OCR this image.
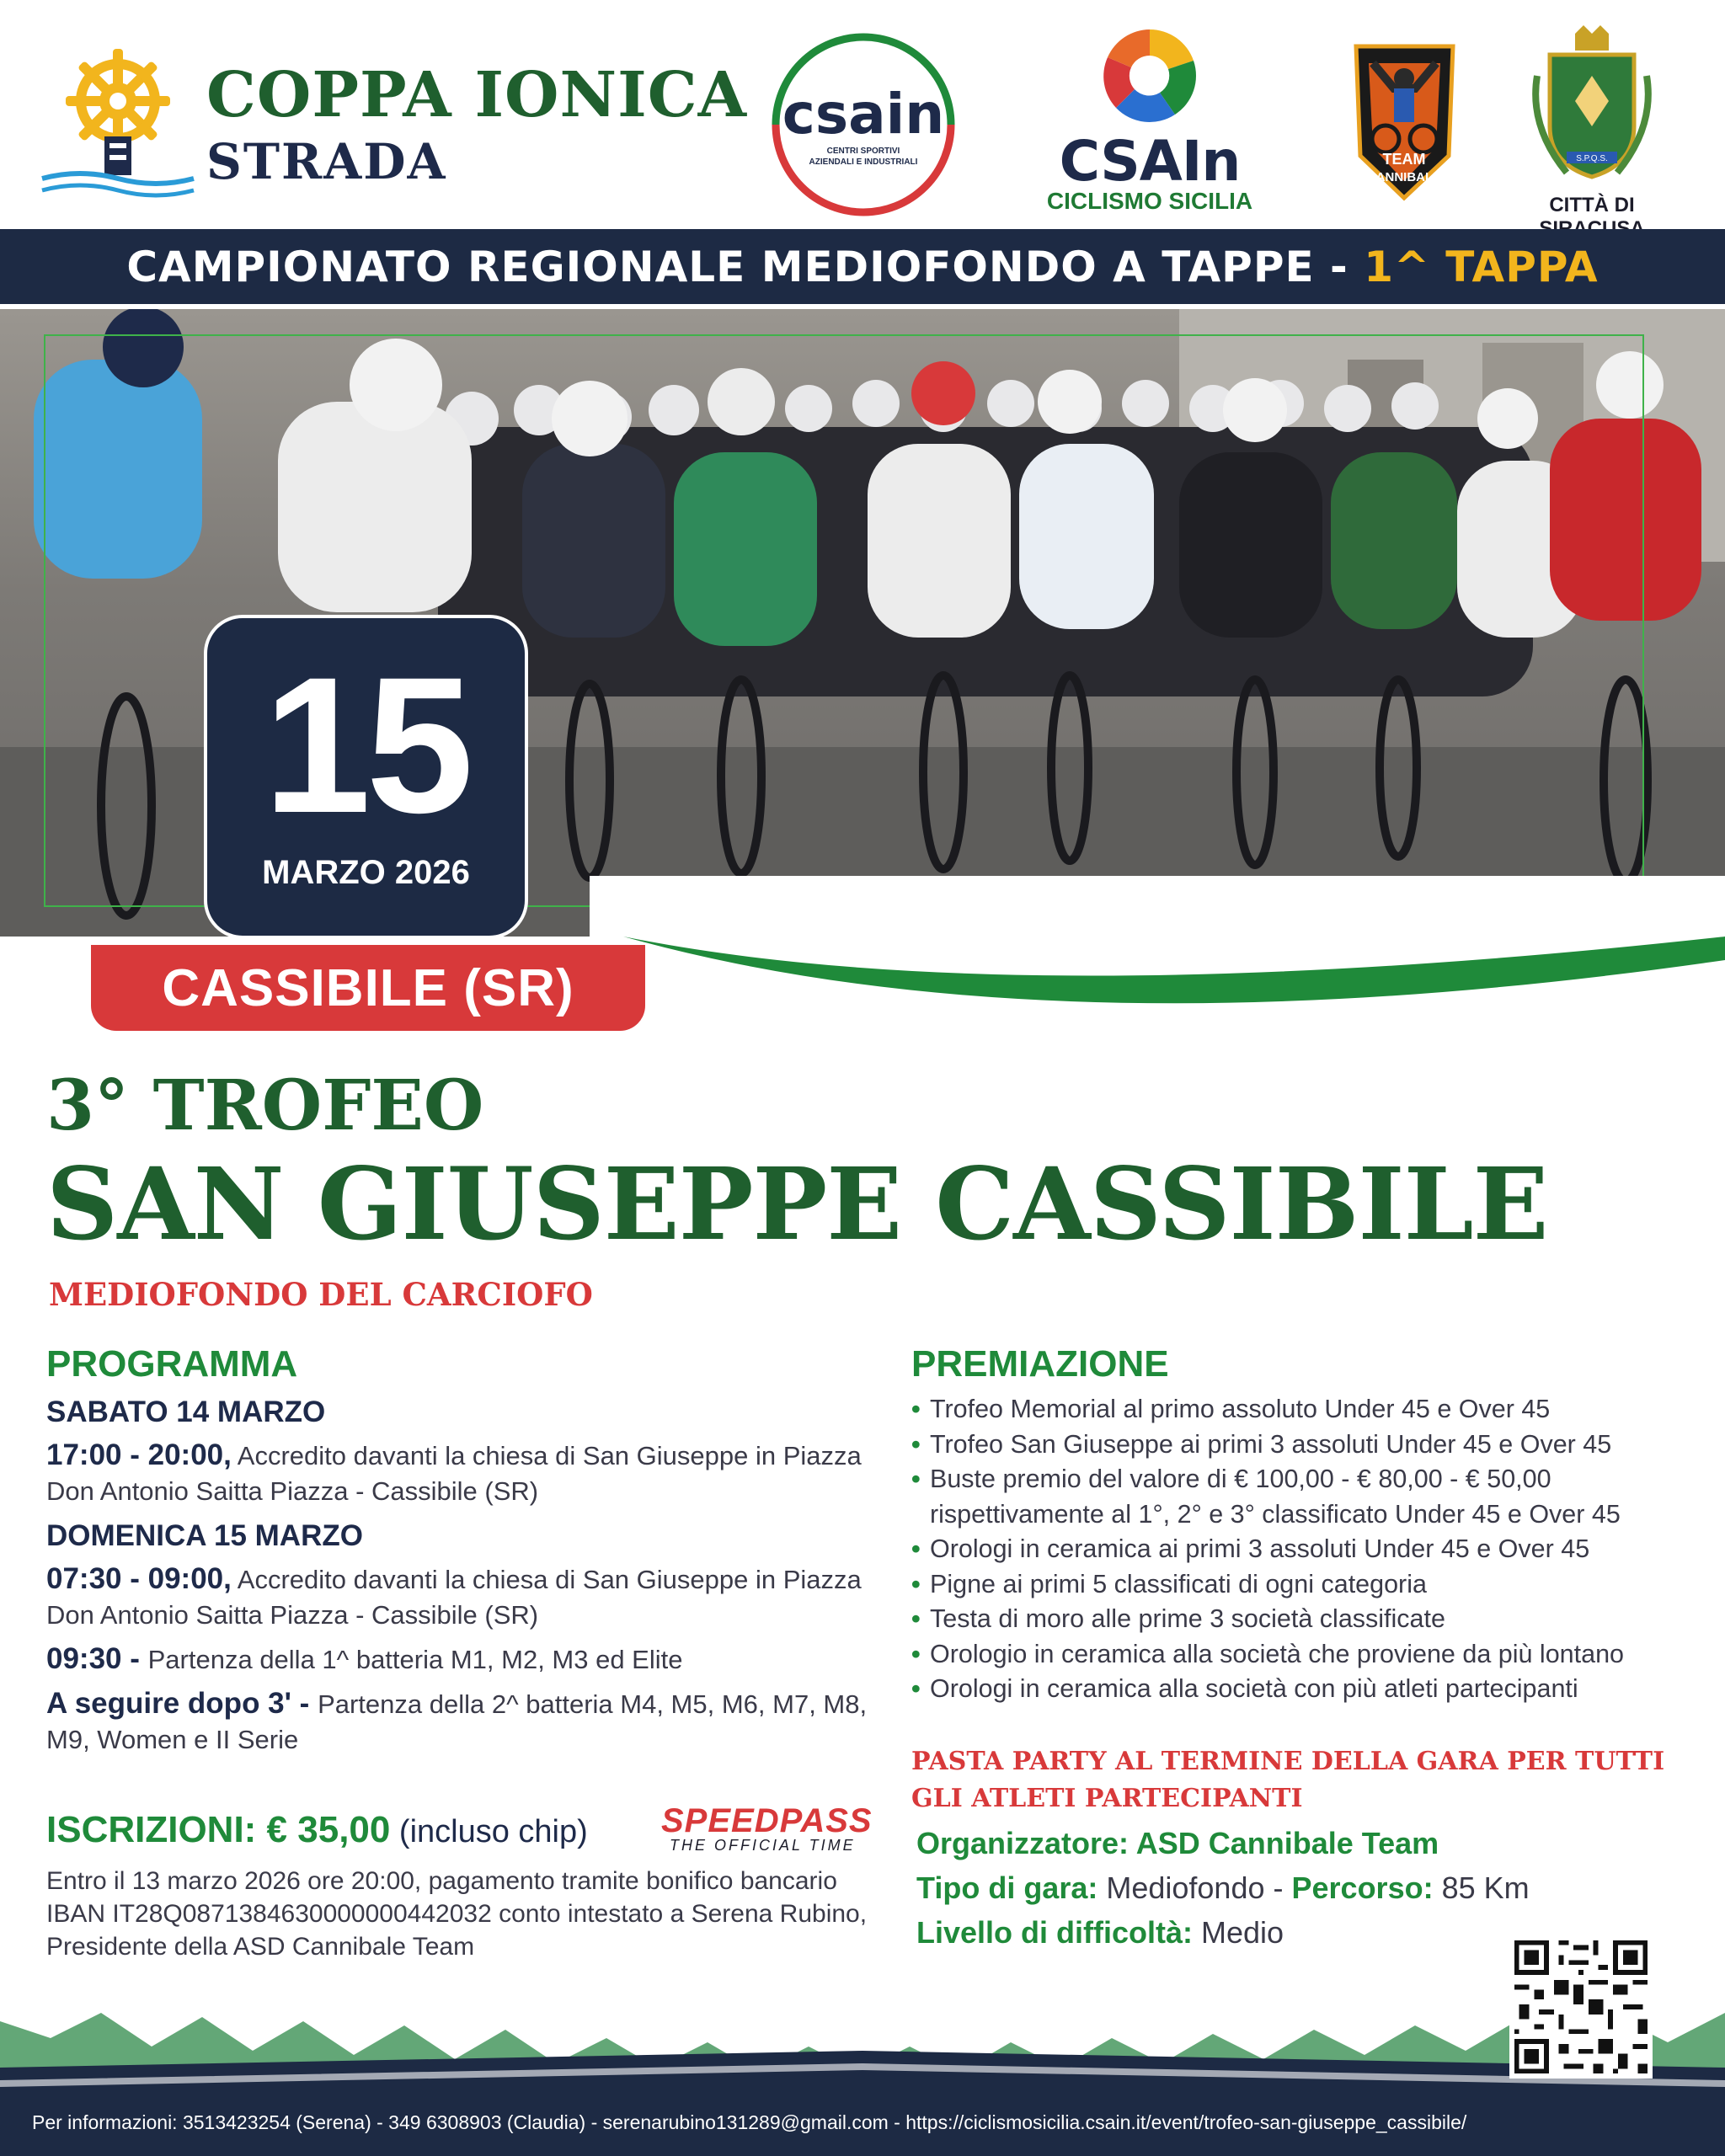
COPPA IONICA
STRADA
csain
CENTRI SPORTIVI
AZIENDALI E INDUSTRIALI	CSAIn
CICLISMO SICILIA
TEAM
CANNIBALE
S.P.Q.S.
CITTÀ DI
CAMPIONATO REGIONALE MEDIOFONDO A TAPPE - 1^ TAPPA
15
MARZO 2026
CASSIBILE (SR)
3° TROFEO
SAN GIUSEPPE CASSIBILE
MEDIOFONDO DEL CARCIOFO
PROGRAMMA
SABATO 14 MARZO
17:00 - 20:00, Accredito davanti la chiesa di San Giuseppe in Piazza Don Antonio Saitta Piazza - Cassibile (SR)
DOMENICA 15 MARZO
07:30 - 09:00, Accredito davanti la chiesa di San Giuseppe in Piazza Don Antonio Saitta Piazza - Cassibile (SR)
09:30 - Partenza della 1^ batteria M1, M2, M3 ed Elite
A seguire dopo 3' - Partenza della 2^ batteria M4, M5, M6, M7, M8, M9, Women e II Serie
ISCRIZIONI: € 35,00 (incluso chip)	SPEEDPASS
THE OFFICIAL TIME
Entro il 13 marzo 2026 ore 20:00, pagamento tramite bonifico bancario IBAN IT28Q0871384630000000442032 conto intestato a Serena Rubino, Presidente della ASD Cannibale Team
PREMIAZIONE
• Trofeo Memorial al primo assoluto Under 45 e Over 45
• Trofeo San Giuseppe ai primi 3 assoluti Under 45 e Over 45
• Buste premio del valore di € 100,00 - € 80,00 - € 50,00 rispettivamente al 1°, 2° e 3° classificato Under 45 e Over 45
• Orologi in ceramica ai primi 3 assoluti Under 45 e Over 45
• Pigne ai primi 5 classificati di ogni categoria
• Testa di moro alle prime 3 società classificate
• Orologio in ceramica alla società che proviene da più lontano
• Orologi in ceramica alla società con più atleti partecipanti
PASTA PARTY AL TERMINE DELLA GARA PER TUTTI GLI ATLETI PARTECIPANTI
Organizzatore: ASD Cannibale Team
Tipo di gara: Mediofondo - Percorso: 85 Km
Livello di difficoltà: Medio
Per informazioni: 3513423254 (Serena) - 349 6308903 (Claudia) - serenarubino131289@gmail.com - https://ciclismosicilia.csain.it/event/trofeo-san-giuseppe_cassibile/
